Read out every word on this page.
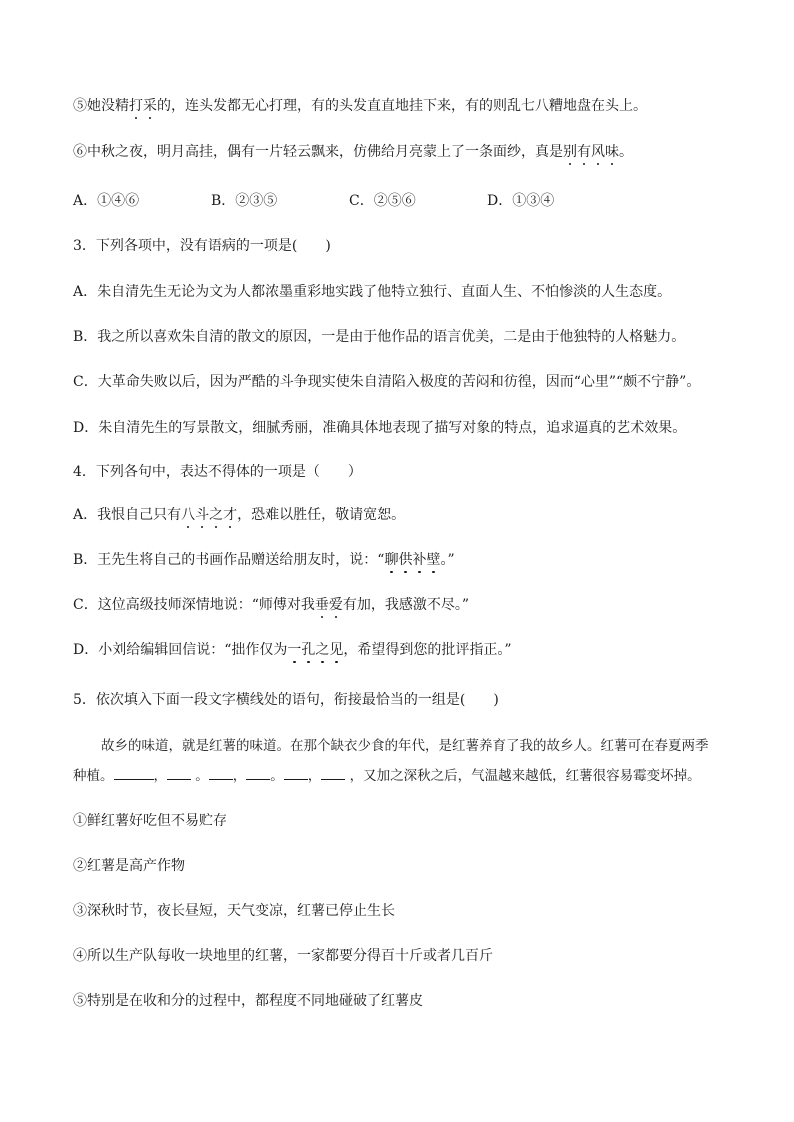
⑤她没精打采的，连头发都无心打理，有的头发直直地挂下来，有的则乱七八糟地盘在头上。
⑥中秋之夜，明月高挂，偶有一片轻云飘来，仿佛给月亮蒙上了一条面纱，真是别有风味。
A．①④⑥	B．②③⑤	C．②⑤⑥	D．①③④
3．下列各项中，没有语病的一项是(　　)
A．朱自清先生无论为文为人都浓墨重彩地实践了他特立独行、直面人生、不怕惨淡的人生态度。
B．我之所以喜欢朱自清的散文的原因，一是由于他作品的语言优美，二是由于他独特的人格魅力。
C．大革命失败以后，因为严酷的斗争现实使朱自清陷入极度的苦闷和彷徨，因而“心里”“颇不宁静”。
D．朱自清先生的写景散文，细腻秀丽，准确具体地表现了描写对象的特点，追求逼真的艺术效果。
4．下列各句中，表达不得体的一项是（　　）
A．我恨自己只有八斗之才，恐难以胜任，敬请宽恕。
B．王先生将自己的书画作品赠送给朋友时，说：“聊供补壁。”
C．这位高级技师深情地说：“师傅对我垂爱有加，我感激不尽。”
D．小刘给编辑回信说：“拙作仅为一孔之见，希望得到您的批评指正。”
5．依次填入下面一段文字横线处的语句，衔接最恰当的一组是(　　)
故乡的味道，就是红薯的味道。在那个缺衣少食的年代，是红薯养育了我的故乡人。红薯可在春夏两季
种植。	， 。 ， 。 ， ，又加之深秋之后，气温越来越低，红薯很容易霉变坏掉。
①鲜红薯好吃但不易贮存
②红薯是高产作物
③深秋时节，夜长昼短，天气变凉，红薯已停止生长
④所以生产队每收一块地里的红薯，一家都要分得百十斤或者几百斤
⑤特别是在收和分的过程中，都程度不同地碰破了红薯皮
